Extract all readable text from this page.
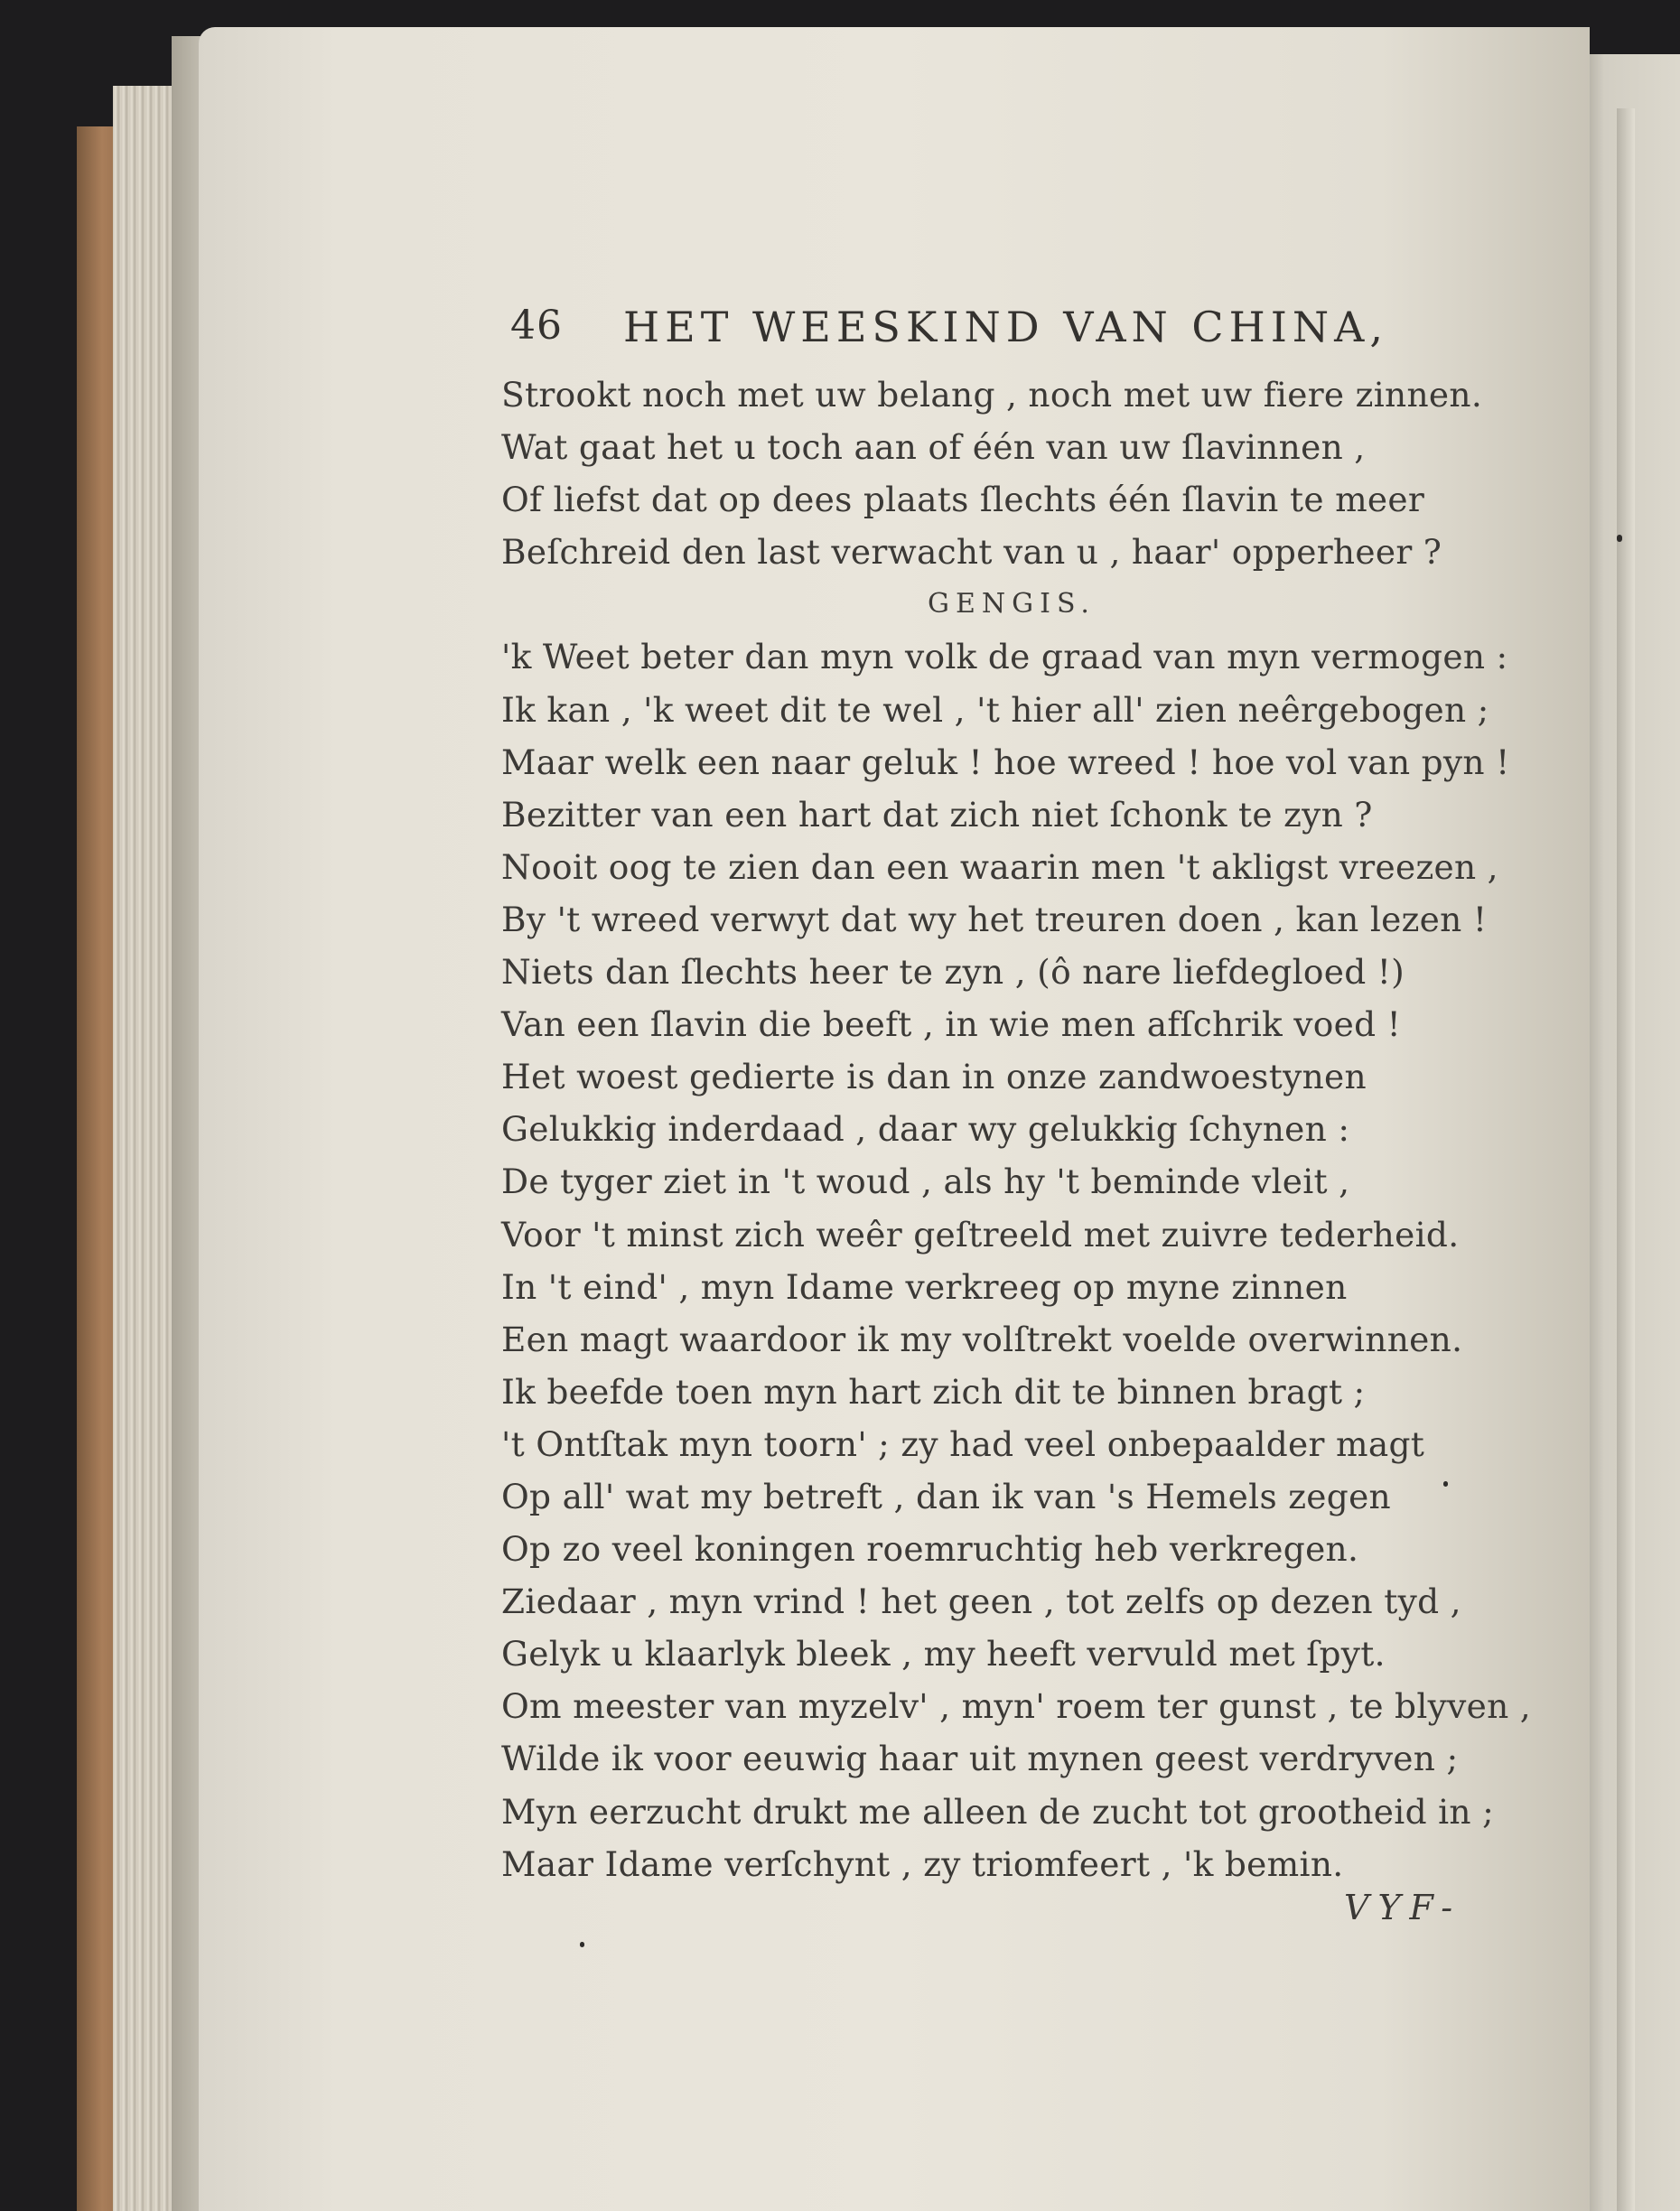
46 HET WEESKIND VAN CHINA,
Strookt noch met uw belang , noch met uw fiere zinnen.
Wat gaat het u toch aan of één van uw ſlavinnen ,
Of liefst dat op dees plaats ſlechts één ſlavin te meer
Beſchreid den last verwacht van u , haar' opperheer ?
GENGIS.
'k Weet beter dan myn volk de graad van myn vermogen :
Ik kan , 'k weet dit te wel , 't hier all' zien neêrgebogen ;
Maar welk een naar geluk ! hoe wreed ! hoe vol van pyn !
Bezitter van een hart dat zich niet ſchonk te zyn ?
Nooit oog te zien dan een waarin men 't akligst vreezen ,
By 't wreed verwyt dat wy het treuren doen , kan lezen !
Niets dan ſlechts heer te zyn , (ô nare liefdegloed !)
Van een ſlavin die beeft , in wie men afſchrik voed !
Het woest gedierte is dan in onze zandwoestynen
Gelukkig inderdaad , daar wy gelukkig ſchynen :
De tyger ziet in 't woud , als hy 't beminde vleit ,
Voor 't minst zich weêr geſtreeld met zuivre tederheid.
In 't eind' , myn Idame verkreeg op myne zinnen
Een magt waardoor ik my volſtrekt voelde overwinnen.
Ik beefde toen myn hart zich dit te binnen bragt ;
't Ontſtak myn toorn' ; zy had veel onbepaalder magt
Op all' wat my betreft , dan ik van 's Hemels zegen
Op zo veel koningen roemruchtig heb verkregen.
Ziedaar , myn vrind ! het geen , tot zelfs op dezen tyd ,
Gelyk u klaarlyk bleek , my heeft vervuld met ſpyt.
Om meester van myzelv' , myn' roem ter gunst , te blyven ,
Wilde ik voor eeuwig haar uit mynen geest verdryven ;
Myn eerzucht drukt me alleen de zucht tot grootheid in ;
Maar Idame verſchynt , zy triomfeert , 'k bemin.
VYF-
